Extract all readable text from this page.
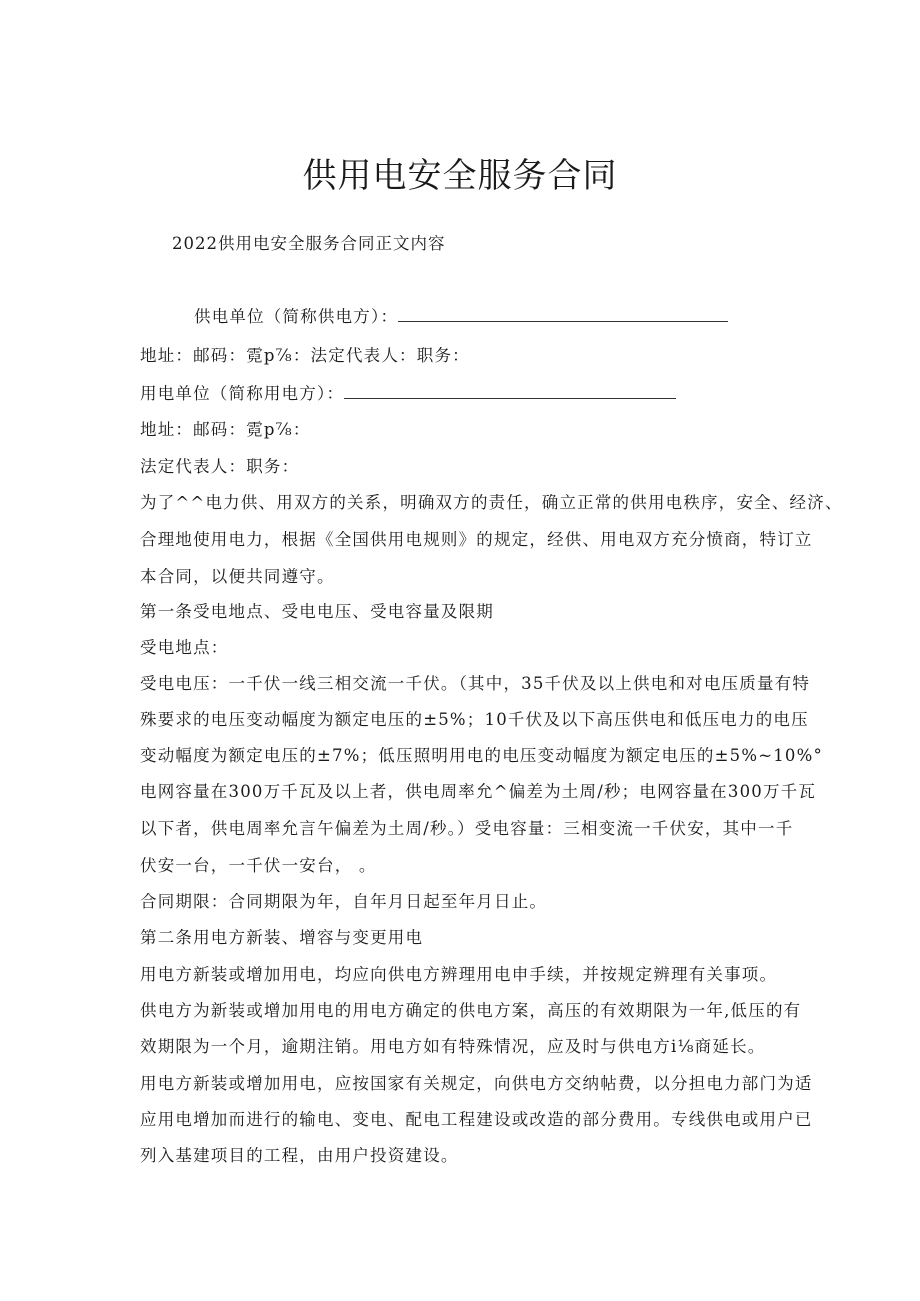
供用电安全服务合同
2022供用电安全服务合同正文内容
供电单位（简称供电方）：
地址：邮码：霓p⅞：法定代表人：职务：
用电单位（简称用电方）：
地址：邮码：霓p⅞：
法定代表人：职务：
为了^^电力供、用双方的关系，明确双方的责任，确立正常的供用电秩序，安全、经济、
合理地使用电力，根据《全国供用电规则》的规定，经供、用电双方充分愤商，特订立
本合同，以便共同遵守。
第一条受电地点、受电电压、受电容量及限期
受电地点：
受电电压：一千伏一线三相交流一千伏。（其中，35千伏及以上供电和对电压质量有特
殊要求的电压变动幅度为额定电压的±5%；10千伏及以下高压供电和低压电力的电压
变动幅度为额定电压的±7%；低压照明用电的电压变动幅度为额定电压的±5%~10%°
电网容量在300万千瓦及以上者，供电周率允^偏差为土周/秒；电网容量在300万千瓦
以下者，供电周率允言午偏差为土周/秒。）受电容量：三相变流一千伏安，其中一千
伏安一台，一千伏一安台， 。
合同期限：合同期限为年，自年月日起至年月日止。
第二条用电方新装、增容与变更用电
用电方新装或增加用电，均应向供电方辨理用电申手续，并按规定辨理有关事项。
供电方为新装或增加用电的用电方确定的供电方案，高压的有效期限为一年,低压的有
效期限为一个月，逾期注销。用电方如有特殊情况，应及时与供电方i⅛商延长。
用电方新装或增加用电，应按国家有关规定，向供电方交纳帖费，以分担电力部门为适
应用电增加而进行的输电、变电、配电工程建设或改造的部分费用。专线供电或用户已
列入基建项目的工程，由用户投资建设。
